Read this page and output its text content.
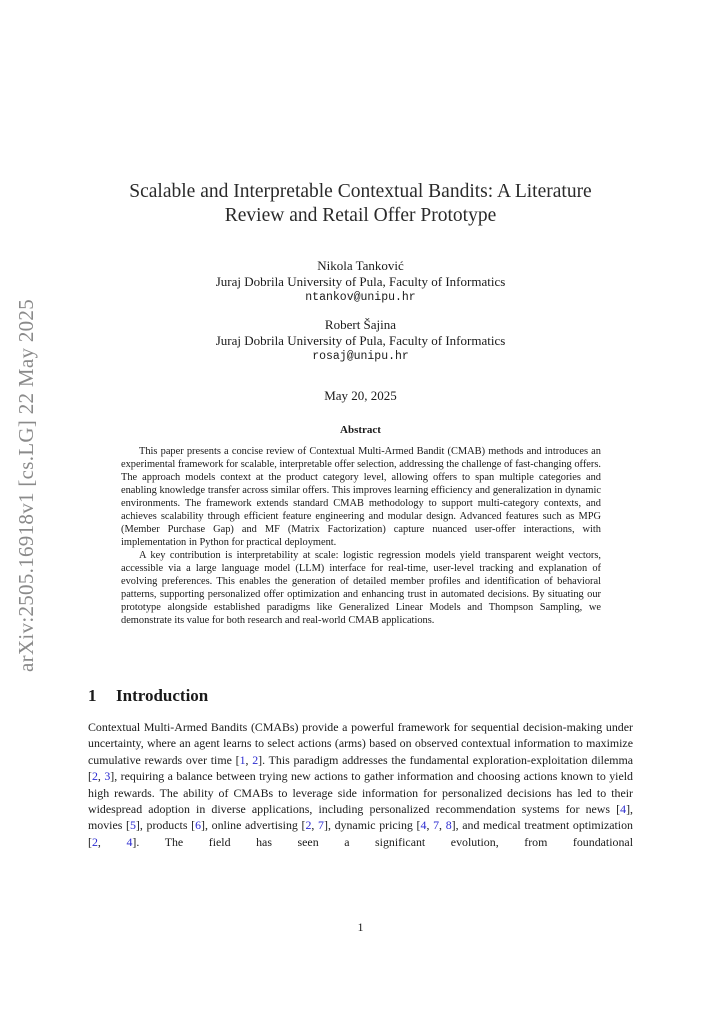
arXiv:2505.16918v1 [cs.LG] 22 May 2025
Scalable and Interpretable Contextual Bandits: A Literature
Review and Retail Offer Prototype
Nikola Tanković
Juraj Dobrila University of Pula, Faculty of Informatics
ntankov@unipu.hr
Robert Šajina
Juraj Dobrila University of Pula, Faculty of Informatics
rosaj@unipu.hr
May 20, 2025
Abstract

This paper presents a concise review of Contextual Multi-Armed Bandit (CMAB) methods and introduces an experimental framework for scalable, interpretable offer selection, addressing the challenge of fast-changing offers. The approach models context at the product category level, allowing offers to span multiple categories and enabling knowledge transfer across similar offers. This improves learning efficiency and generalization in dynamic environments. The framework extends standard CMAB methodology to support multi-category contexts, and achieves scalability through efficient feature engineering and modular design. Advanced features such as MPG (Member Purchase Gap) and MF (Matrix Factorization) capture nuanced user-offer interactions, with implementation in Python for practical deployment.

A key contribution is interpretability at scale: logistic regression models yield transparent weight vectors, accessible via a large language model (LLM) interface for real-time, user-level tracking and explanation of evolving preferences. This enables the generation of detailed member profiles and identification of behavioral patterns, supporting personalized offer optimization and enhancing trust in automated decisions. By situating our prototype alongside established paradigms like Generalized Linear Models and Thompson Sampling, we demonstrate its value for both research and real-world CMAB applications.

1 Introduction

Contextual Multi-Armed Bandits (CMABs) provide a powerful framework for sequential decision-making under uncertainty, where an agent learns to select actions (arms) based on observed contextual information to maximize cumulative rewards over time [1, 2]. This paradigm addresses the fundamental exploration-exploitation dilemma [2, 3], requiring a balance between trying new actions to gather information and choosing actions known to yield high rewards. The ability of CMABs to leverage side information for personalized decisions has led to their widespread adoption in diverse applications, including personalized recommendation systems for news [4], movies [5], products [6], online advertising [2, 7], dynamic pricing [4, 7, 8], and medical treatment optimization [2, 4]. The field has seen a significant evolution, from foundational

1
